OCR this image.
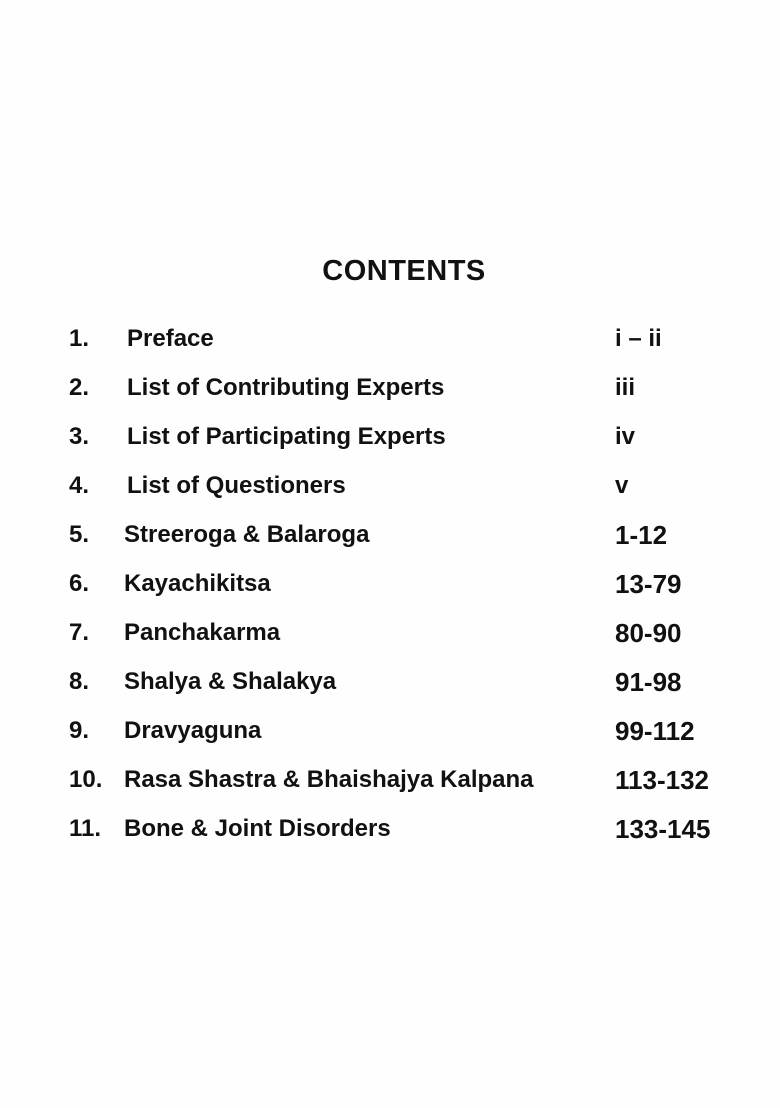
CONTENTS
1. Preface	i – ii
2. List of Contributing Experts	iii
3. List of Participating Experts	iv
4. List of Questioners	v
5. Streeroga & Balaroga	1-12
6. Kayachikitsa	13-79
7. Panchakarma	80-90
8. Shalya & Shalakya	91-98
9. Dravyaguna	99-112
10. Rasa Shastra & Bhaishajya Kalpana	113-132
11. Bone & Joint Disorders	133-145
